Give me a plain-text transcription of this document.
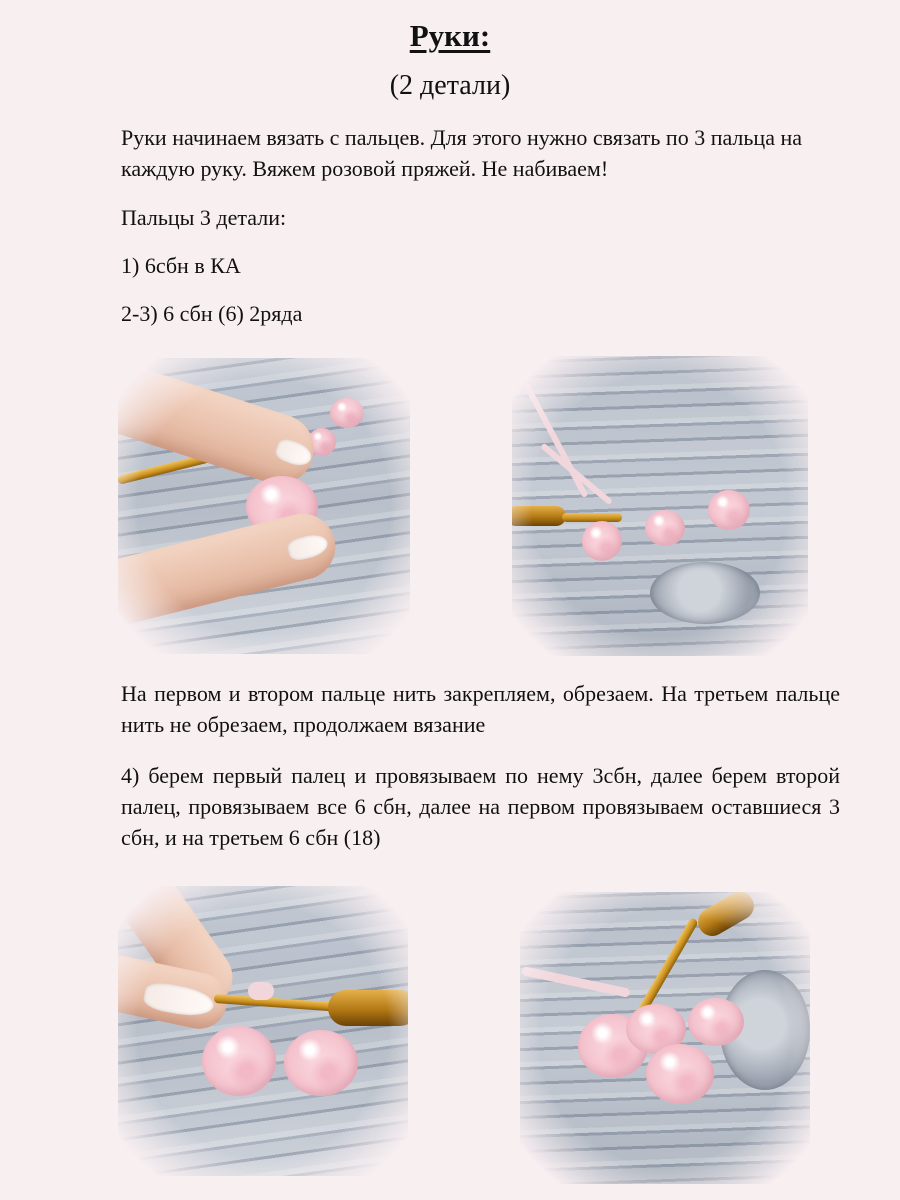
Руки:
(2 детали)

Руки начинаем вязать с пальцев. Для этого нужно связать по 3 пальца на каждую руку. Вяжем розовой пряжей. Не набиваем!

Пальцы 3 детали:

1) 6сбн в КА

2-3) 6 сбн (6) 2ряда

На первом и втором пальце нить закрепляем, обрезаем. На третьем пальце нить не обрезаем, продолжаем вязание

4) берем первый палец и провязываем по нему 3сбн, далее берем второй палец, провязываем все 6 сбн, далее на первом провязываем оставшиеся 3 сбн, и на третьем 6 сбн (18)
